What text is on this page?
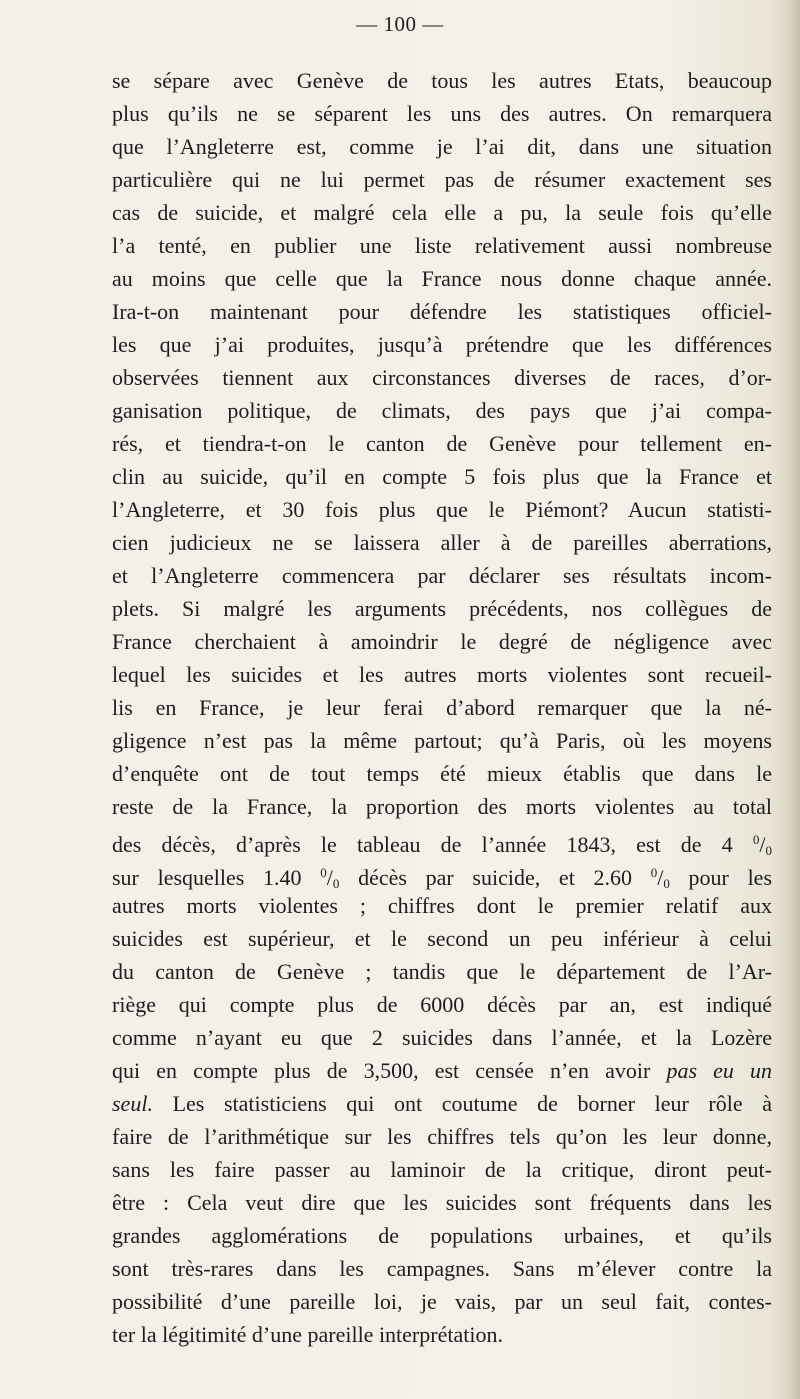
— 100 —
se sépare avec Genève de tous les autres Etats, beaucoup
plus qu’ils ne se séparent les uns des autres. On remarquera
que l’Angleterre est, comme je l’ai dit, dans une situation
particulière qui ne lui permet pas de résumer exactement ses
cas de suicide, et malgré cela elle a pu, la seule fois qu’elle
l’a tenté, en publier une liste relativement aussi nombreuse
au moins que celle que la France nous donne chaque année.
Ira-t-on maintenant pour défendre les statistiques officiel-
les que j’ai produites, jusqu’à prétendre que les différences
observées tiennent aux circonstances diverses de races, d’or-
ganisation politique, de climats, des pays que j’ai compa-
rés, et tiendra-t-on le canton de Genève pour tellement en-
clin au suicide, qu’il en compte 5 fois plus que la France et
l’Angleterre, et 30 fois plus que le Piémont? Aucun statisti-
cien judicieux ne se laissera aller à de pareilles aberrations,
et l’Angleterre commencera par déclarer ses résultats incom-
plets. Si malgré les arguments précédents, nos collègues de
France cherchaient à amoindrir le degré de négligence avec
lequel les suicides et les autres morts violentes sont recueil-
lis en France, je leur ferai d’abord remarquer que la né-
gligence n’est pas la même partout; qu’à Paris, où les moyens
d’enquête ont de tout temps été mieux établis que dans le
reste de la France, la proportion des morts violentes au total
des décès, d’après le tableau de l’année 1843, est de 4 $^0/_0$
sur lesquelles 1.40 $^0/_0$ décès par suicide, et 2.60 $^0/_0$ pour les
autres morts violentes ; chiffres dont le premier relatif aux
suicides est supérieur, et le second un peu inférieur à celui
du canton de Genève ; tandis que le département de l’Ar-
riège qui compte plus de 6000 décès par an, est indiqué
comme n’ayant eu que 2 suicides dans l’année, et la Lozère
qui en compte plus de 3,500, est censée n’en avoir pas eu un
seul. Les statisticiens qui ont coutume de borner leur rôle à
faire de l’arithmétique sur les chiffres tels qu’on les leur donne,
sans les faire passer au laminoir de la critique, diront peut-
être : Cela veut dire que les suicides sont fréquents dans les
grandes agglomérations de populations urbaines, et qu’ils
sont très-rares dans les campagnes. Sans m’élever contre la
possibilité d’une pareille loi, je vais, par un seul fait, contes-
ter la légitimité d’une pareille interprétation.
